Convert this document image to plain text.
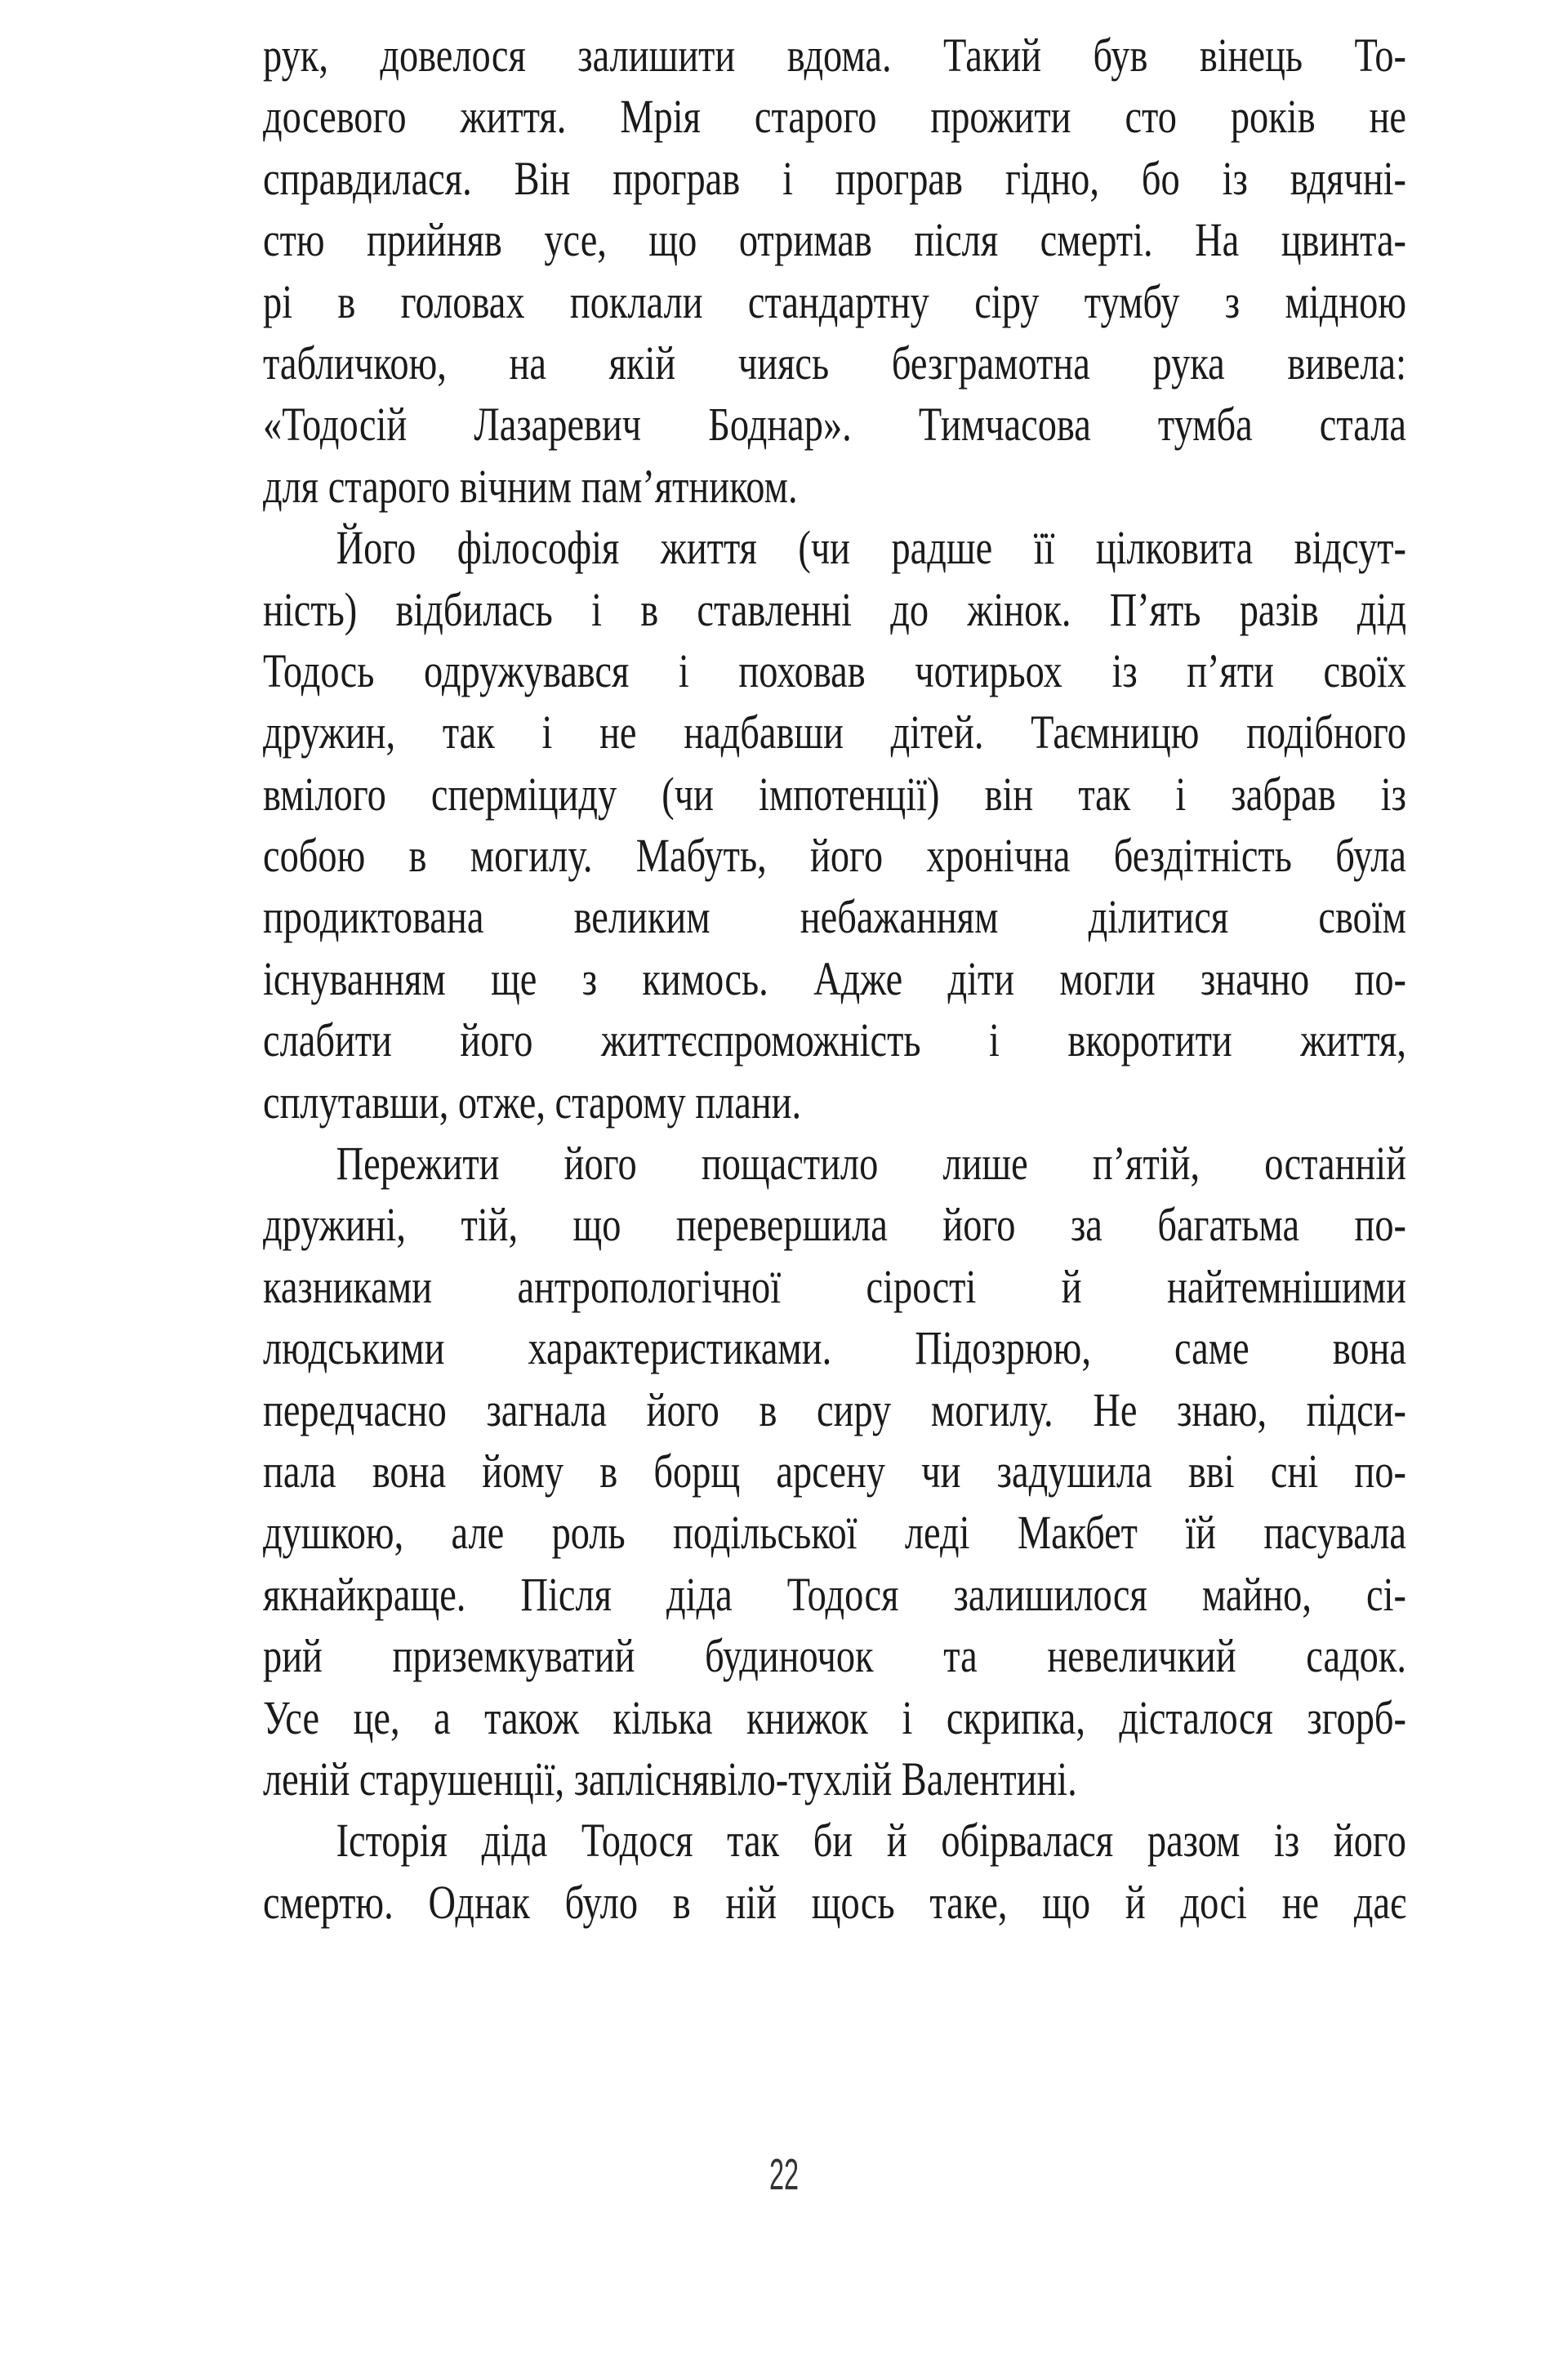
рук, довелося залишити вдома. Такий був вінець То-
досевого життя. Мрія старого прожити сто років не
справдилася. Він програв і програв гідно, бо із вдячні-
стю прийняв усе, що отримав після смерті. На цвинта-
рі в головах поклали стандартну сіру тумбу з мідною
табличкою, на якій чиясь безграмотна рука вивела:
«Тодосій Лазаревич Боднар». Тимчасова тумба стала
для старого вічним пам’ятником.
Його філософія життя (чи радше її цілковита відсут-
ність) відбилась і в ставленні до жінок. П’ять разів дід
Тодось одружувався і поховав чотирьох із п’яти своїх
дружин, так і не надбавши дітей. Таємницю подібного
вмілого сперміциду (чи імпотенції) він так і забрав із
собою в могилу. Мабуть, його хронічна бездітність була
продиктована великим небажанням ділитися своїм
існуванням ще з кимось. Адже діти могли значно по-
слабити його життєспроможність і вкоротити життя,
сплутавши, отже, старому плани.
Пережити його пощастило лише п’ятій, останній
дружині, тій, що перевершила його за багатьма по-
казниками антропологічної сірості й найтемнішими
людськими характеристиками. Підозрюю, саме вона
передчасно загнала його в сиру могилу. Не знаю, підси-
пала вона йому в борщ арсену чи задушила вві сні по-
душкою, але роль подільської леді Макбет їй пасувала
якнайкраще. Після діда Тодося залишилося майно, сі-
рий приземкуватий будиночок та невеличкий садок.
Усе це, а також кілька книжок і скрипка, дісталося згорб-
леній старушенції, запліснявіло-тухлій Валентині.
Історія діда Тодося так би й обірвалася разом із його
смертю. Однак було в ній щось таке, що й досі не дає
22
